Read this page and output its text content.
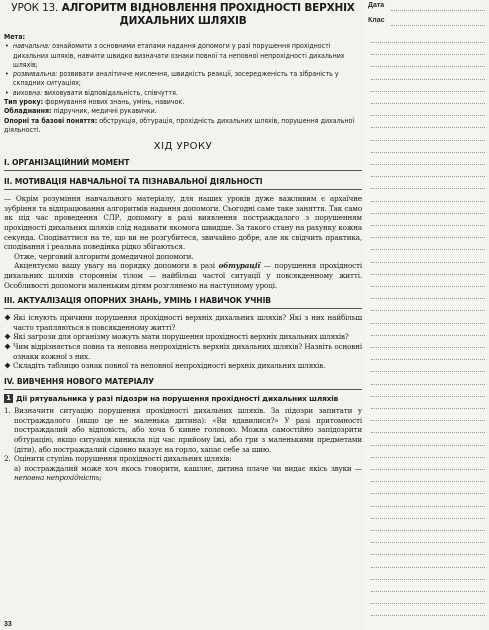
Дата
Клас
УРОК 13. АЛГОРИТМ ВІДНОВЛЕННЯ ПРОХІДНОСТІ ВЕРХНІХ
ДИХАЛЬНИХ ШЛЯХІВ
Мета:
• навчальна: ознайомити з основними етапами надання допомоги у разі порушення прохідності дихальних шляхів, навчити швидко визначати ознаки повної та неповної непрохідності дихальних шляхів;
• розвивальна: розвивати аналітичне мислення, швидкість реакції, зосередженість та зібраність у складних ситуаціях;
• виховна: виховувати відповідальність, співчуття.
Тип уроку: формування нових знань, умінь, навичок.
Обладнання: підручник, медичні рукавички.
Опорні та базові поняття: обструкція, обтурація, прохідність дихальних шляхів, порушення дихальної діяльності.
ХІД УРОКУ
І. ОРГАНІЗАЦІЙНИЙ МОМЕНТ
ІІ. МОТИВАЦІЯ НАВЧАЛЬНОЇ ТА ПІЗНАВАЛЬНОЇ ДІЯЛЬНОСТІ
— Окрім розуміння навчального матеріалу, для наших уроків дуже важливим є архаїчне зубріння та відпрацювання алгоритмів надання допомоги. Сьогодні саме таке заняття. Так само як під час проведення СЛР, допомогу в разі виявлення постраждалого з порушенням прохідності дихальних шляхів слід надавати якомога швидше. За такого стану на рахунку кожна секунда. Сподіваттися на те, що ви не розгубитеся, звичайно добре, але як свідчить практика, сподівання і реальна поведінка рідко збігаються.
Отже, черговий алгоритм домедичної допомоги.
Акцентуємо вашу увагу на порядку допомоги в разі обтурації — порушення прохідності дихальних шляхів стороннім тілом — найбільш частої ситуації у повсякденному житті. Особливості допомоги маленьким дітям розглянемо на наступному уроці.
ІІІ. АКТУАЛІЗАЦІЯ ОПОРНИХ ЗНАНЬ, УМІНЬ І НАВИЧОК УЧНІВ
Які існують причини порушення прохідності верхніх дихальних шляхів? Які з них найбільш часто трапляються в повсякденному житті?
Які загрози для організму можуть мати порушення прохідності верхніх дихальних шляхів?
Чим відрізняється повна та неповна непрохідність верхніх дихальних шляхів? Назвіть основні ознаки кожної з них.
Складіть таблицю ознак повної та неповної непрохідності верхніх дихальних шляхів.
IV. ВИВЧЕННЯ НОВОГО МАТЕРІАЛУ
1 Дії рятувальника у разі підозри на порушення прохідності дихальних шляхів
1. Визначити ситуацію порушення прохідності дихальних шляхів. За підозри запитати у постраждалого (якщо це не маленька дитина): «Ви вдавилися?» У разі притомності постраждалий або відповість, або хоча б кивне головою. Можна самостійно запідозрити обтурацію, якщо ситуація виникла під час прийому їжі, або гри з маленькими предметами (діти), або постраждалий сідовно вказує на горло, хапає себе за шию.
2. Оцінити ступінь порушення прохідності дихальних шляхів:
а) постраждалий може хоч якось говорити, кашляє, дитина плаче чи видає якісь звуки — неповна непрохідність;
33
